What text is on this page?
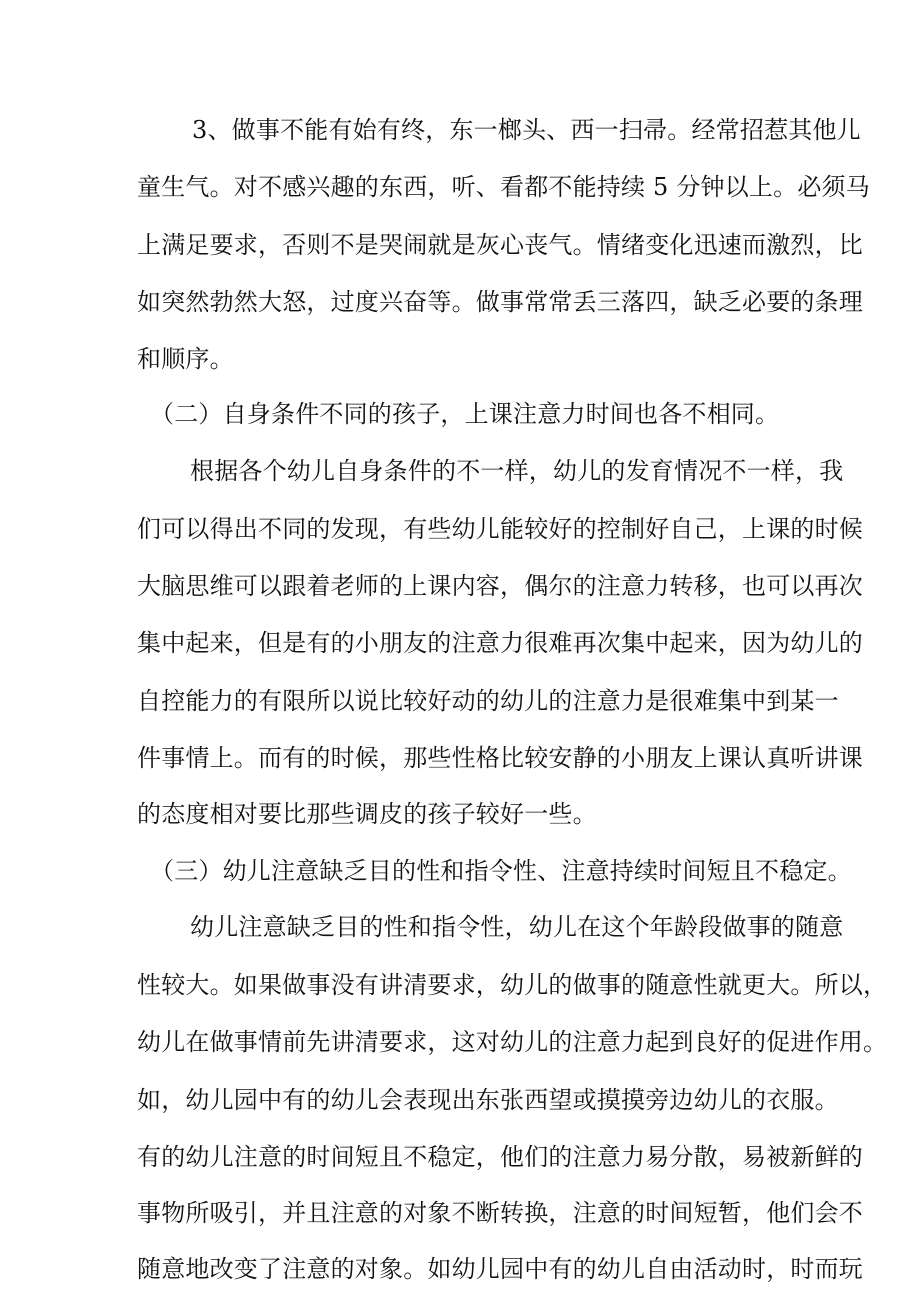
3、做事不能有始有终，东一榔头、西一扫帚。经常招惹其他儿
童生气。对不感兴趣的东西，听、看都不能持续 5 分钟以上。必须马
上满足要求，否则不是哭闹就是灰心丧气。情绪变化迅速而激烈，比
如突然勃然大怒，过度兴奋等。做事常常丢三落四，缺乏必要的条理
和顺序。
（二）自身条件不同的孩子，上课注意力时间也各不相同。
根据各个幼儿自身条件的不一样，幼儿的发育情况不一样，我
们可以得出不同的发现，有些幼儿能较好的控制好自己，上课的时候
大脑思维可以跟着老师的上课内容，偶尔的注意力转移，也可以再次
集中起来，但是有的小朋友的注意力很难再次集中起来，因为幼儿的
自控能力的有限所以说比较好动的幼儿的注意力是很难集中到某一
件事情上。而有的时候，那些性格比较安静的小朋友上课认真听讲课
的态度相对要比那些调皮的孩子较好一些。
（三）幼儿注意缺乏目的性和指令性、注意持续时间短且不稳定。
幼儿注意缺乏目的性和指令性，幼儿在这个年龄段做事的随意
性较大。如果做事没有讲清要求，幼儿的做事的随意性就更大。所以，
幼儿在做事情前先讲清要求，这对幼儿的注意力起到良好的促进作用。
如，幼儿园中有的幼儿会表现出东张西望或摸摸旁边幼儿的衣服。
有的幼儿注意的时间短且不稳定，他们的注意力易分散，易被新鲜的
事物所吸引，并且注意的对象不断转换，注意的时间短暂，他们会不
随意地改变了注意的对象。如幼儿园中有的幼儿自由活动时，时而玩
